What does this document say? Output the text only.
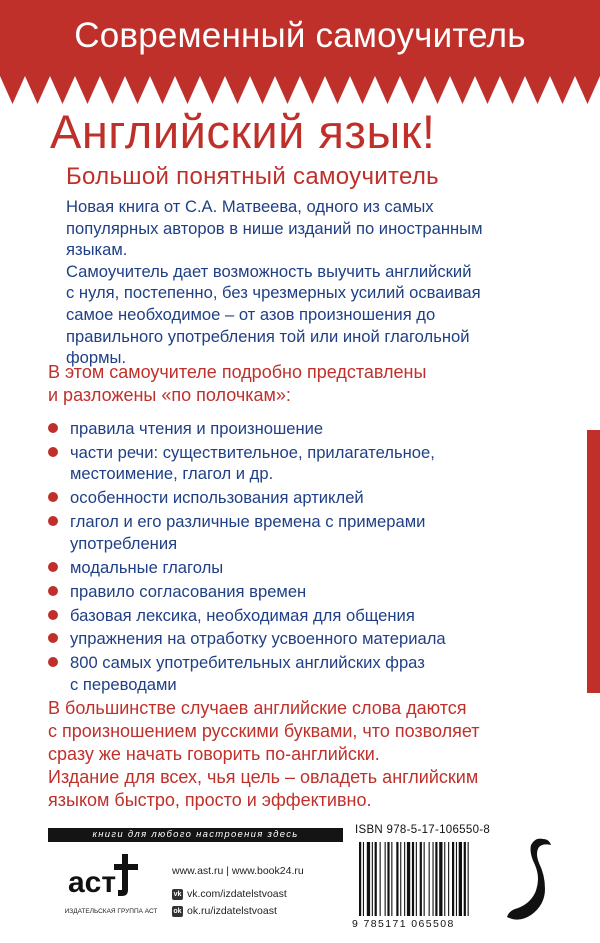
Современный самоучитель
Английский язык!
Большой понятный самоучитель

Новая книга от С.А. Матвеева, одного из самых

популярных авторов в нише изданий по иностранным

языкам.

Самоучитель дает возможность выучить английский

с нуля, постепенно, без чрезмерных усилий осваивая

самое необходимое – от азов произношения до

правильного употребления той или иной глагольной

формы.

В этом самоучителе подробно представлены

и разложены «по полочкам»:

правила чтения и произношение
части речи: существительное, прилагательное,
местоимение, глагол и др.
особенности использования артиклей
глагол и его различные времена с примерами
употребления
модальные глаголы
правило согласования времен
базовая лексика, необходимая для общения
упражнения на отработку усвоенного материала
800 самых употребительных английских фраз
с переводами

В большинстве случаев английские слова даются

с произношением русскими буквами, что позволяет

сразу же начать говорить по-английски.

Издание для всех, чья цель – овладеть английским

языком быстро, просто и эффективно.

книги для любого настроения здесь
аст
ИЗДАТЕЛЬСКАЯ ГРУППА АСТ
www.ast.ru | www.book24.ru
vk vk.com/izdatelstvoast
ok ok.ru/izdatelstvoast
ISBN 978-5-17-106550-8
9 785171 065508
